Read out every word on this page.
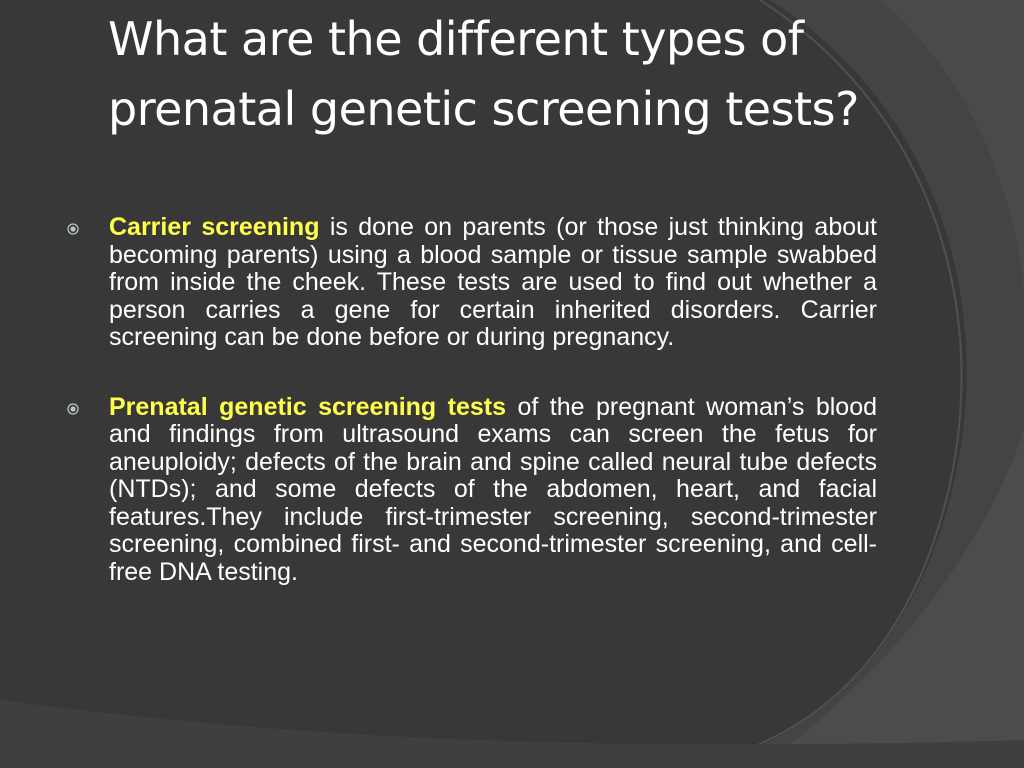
What are the different types of prenatal genetic screening tests?

Carrier screening is done on parents (or those just thinking about becoming parents) using a blood sample or tissue sample swabbed from inside the cheek. These tests are used to find out whether a person carries a gene for certain inherited disorders. Carrier screening can be done before or during pregnancy.

Prenatal genetic screening tests of the pregnant woman’s blood and findings from ultrasound exams can screen the fetus for aneuploidy; defects of the brain and spine called neural tube defects (NTDs); and some defects of the abdomen, heart, and facial features.They include first-trimester screening, second-trimester screening, combined first- and second-trimester screening, and cell-free DNA testing.
